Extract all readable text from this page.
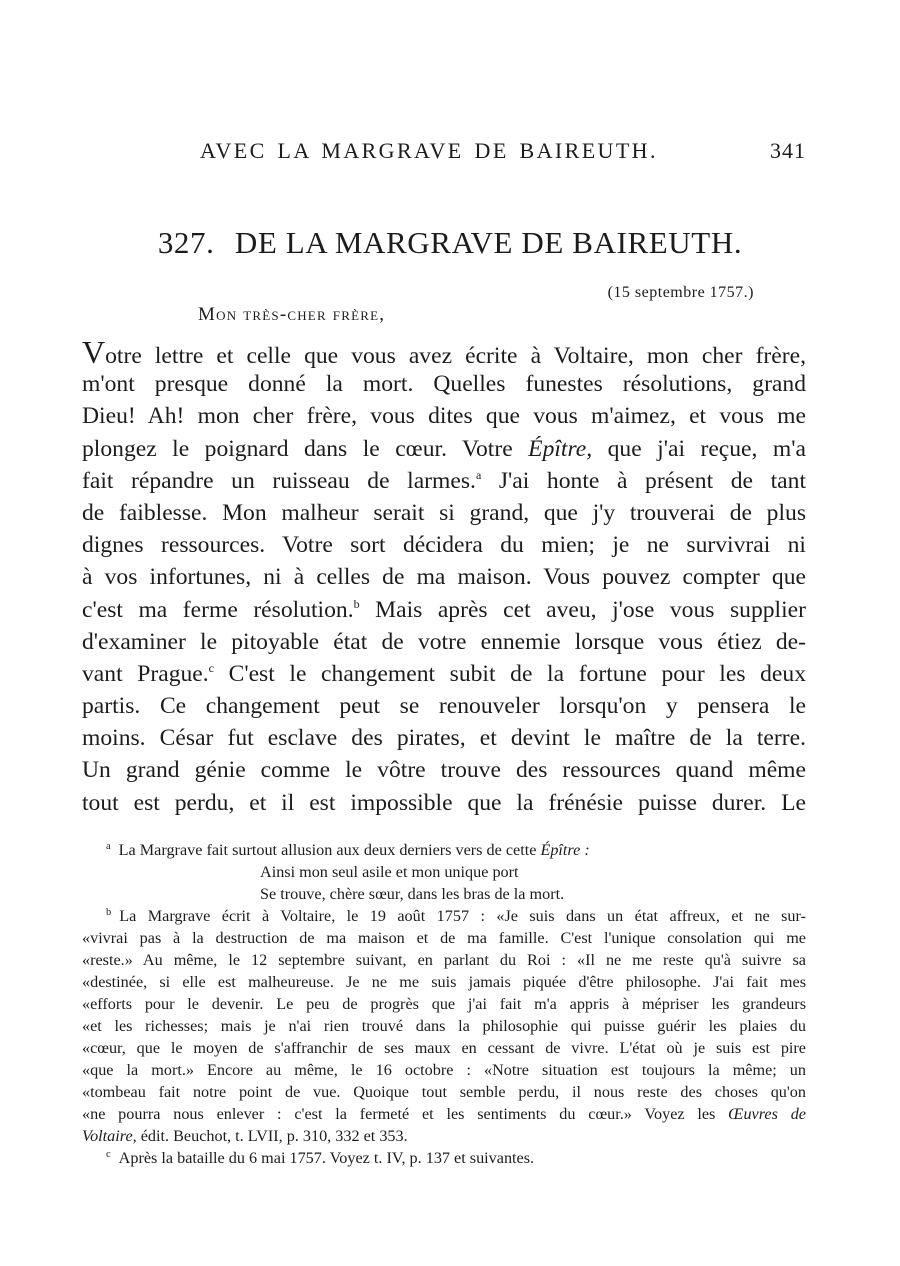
AVEC LA MARGRAVE DE BAIREUTH.	341
327. DE LA MARGRAVE DE BAIREUTH.
(15 septembre 1757.)
Mon très-cher frère,
Votre lettre et celle que vous avez écrite à Voltaire, mon cher frère,
m'ont presque donné la mort. Quelles funestes résolutions, grand
Dieu! Ah! mon cher frère, vous dites que vous m'aimez, et vous me
plongez le poignard dans le cœur. Votre Épître, que j'ai reçue, m'a
fait répandre un ruisseau de larmes.$^a$ J'ai honte à présent de tant
de faiblesse. Mon malheur serait si grand, que j'y trouverai de plus
dignes ressources. Votre sort décidera du mien; je ne survivrai ni
à vos infortunes, ni à celles de ma maison. Vous pouvez compter que
c'est ma ferme résolution.$^b$ Mais après cet aveu, j'ose vous supplier
d'examiner le pitoyable état de votre ennemie lorsque vous étiez de-
vant Prague.$^c$ C'est le changement subit de la fortune pour les deux
partis. Ce changement peut se renouveler lorsqu'on y pensera le
moins. César fut esclave des pirates, et devint le maître de la terre.
Un grand génie comme le vôtre trouve des ressources quand même
tout est perdu, et il est impossible que la frénésie puisse durer. Le
$^a$ La Margrave fait surtout allusion aux deux derniers vers de cette Épître :
Ainsi mon seul asile et mon unique port
Se trouve, chère sœur, dans les bras de la mort.
$^b$ La Margrave écrit à Voltaire, le 19 août 1757 : «Je suis dans un état affreux, et ne sur-
«vivrai pas à la destruction de ma maison et de ma famille. C'est l'unique consolation qui me
«reste.» Au même, le 12 septembre suivant, en parlant du Roi : «Il ne me reste qu'à suivre sa
«destinée, si elle est malheureuse. Je ne me suis jamais piquée d'être philosophe. J'ai fait mes
«efforts pour le devenir. Le peu de progrès que j'ai fait m'a appris à mépriser les grandeurs
«et les richesses; mais je n'ai rien trouvé dans la philosophie qui puisse guérir les plaies du
«cœur, que le moyen de s'affranchir de ses maux en cessant de vivre. L'état où je suis est pire
«que la mort.» Encore au même, le 16 octobre : «Notre situation est toujours la même; un
«tombeau fait notre point de vue. Quoique tout semble perdu, il nous reste des choses qu'on
«ne pourra nous enlever : c'est la fermeté et les sentiments du cœur.» Voyez les Œuvres de
Voltaire, édit. Beuchot, t. LVII, p. 310, 332 et 353.
$^c$ Après la bataille du 6 mai 1757. Voyez t. IV, p. 137 et suivantes.
